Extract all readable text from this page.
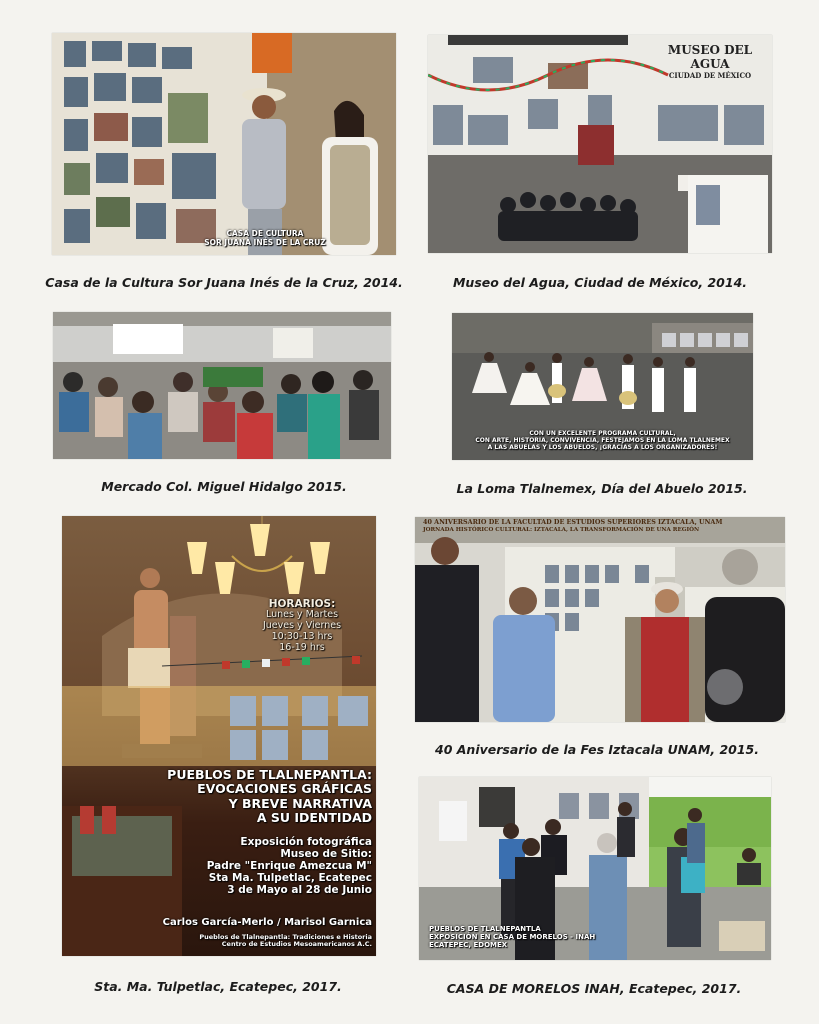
CASA DE CULTURA
SOR JUANA INÉS DE LA CRUZ
Casa de la Cultura Sor Juana Inés de la Cruz, 2014.
MUSEO DEL AGUA
CIUDAD DE MÉXICO
Museo del Agua, Ciudad de México, 2014.
Mercado Col. Miguel Hidalgo 2015.
CON UN EXCELENTE PROGRAMA CULTURAL,
CON ARTE, HISTORIA, CONVIVENCIA, FESTEJAMOS EN LA LOMA TLALNEMEX
A LAS ABUELAS Y LOS ABUELOS, ¡GRACIAS A LOS ORGANIZADORES!
La Loma Tlalnemex, Día del Abuelo 2015.
HORARIOS:
Lunes y Martes
Jueves y Viernes
10:30-13 hrs
16-19 hrs
PUEBLOS DE TLALNEPANTLA:
EVOCACIONES GRÁFICAS
Y BREVE NARRATIVA
A SU IDENTIDAD
Exposición fotográfica
Museo de Sitio:
Padre "Enrique Amezcua M"
Sta Ma. Tulpetlac, Ecatepec
3 de Mayo al 28 de Junio
Carlos García-Merlo / Marisol Garnica
Pueblos de Tlalnepantla: Tradiciones e Historia
Centro de Estudios Mesoamericanos A.C.
Sta. Ma. Tulpetlac, Ecatepec, 2017.
40 ANIVERSARIO DE LA FACULTAD DE ESTUDIOS SUPERIORES IZTACALA, UNAM
JORNADA HISTÓRICO CULTURAL: IZTACALA, LA TRANSFORMACIÓN DE UNA REGIÓN
40 Aniversario de la Fes Iztacala UNAM, 2015.
PUEBLOS DE TLALNEPANTLA
EXPOSICIÓN EN CASA DE MORELOS - INAH
ECATEPEC, EDOMEX
CASA DE MORELOS INAH, Ecatepec, 2017.
